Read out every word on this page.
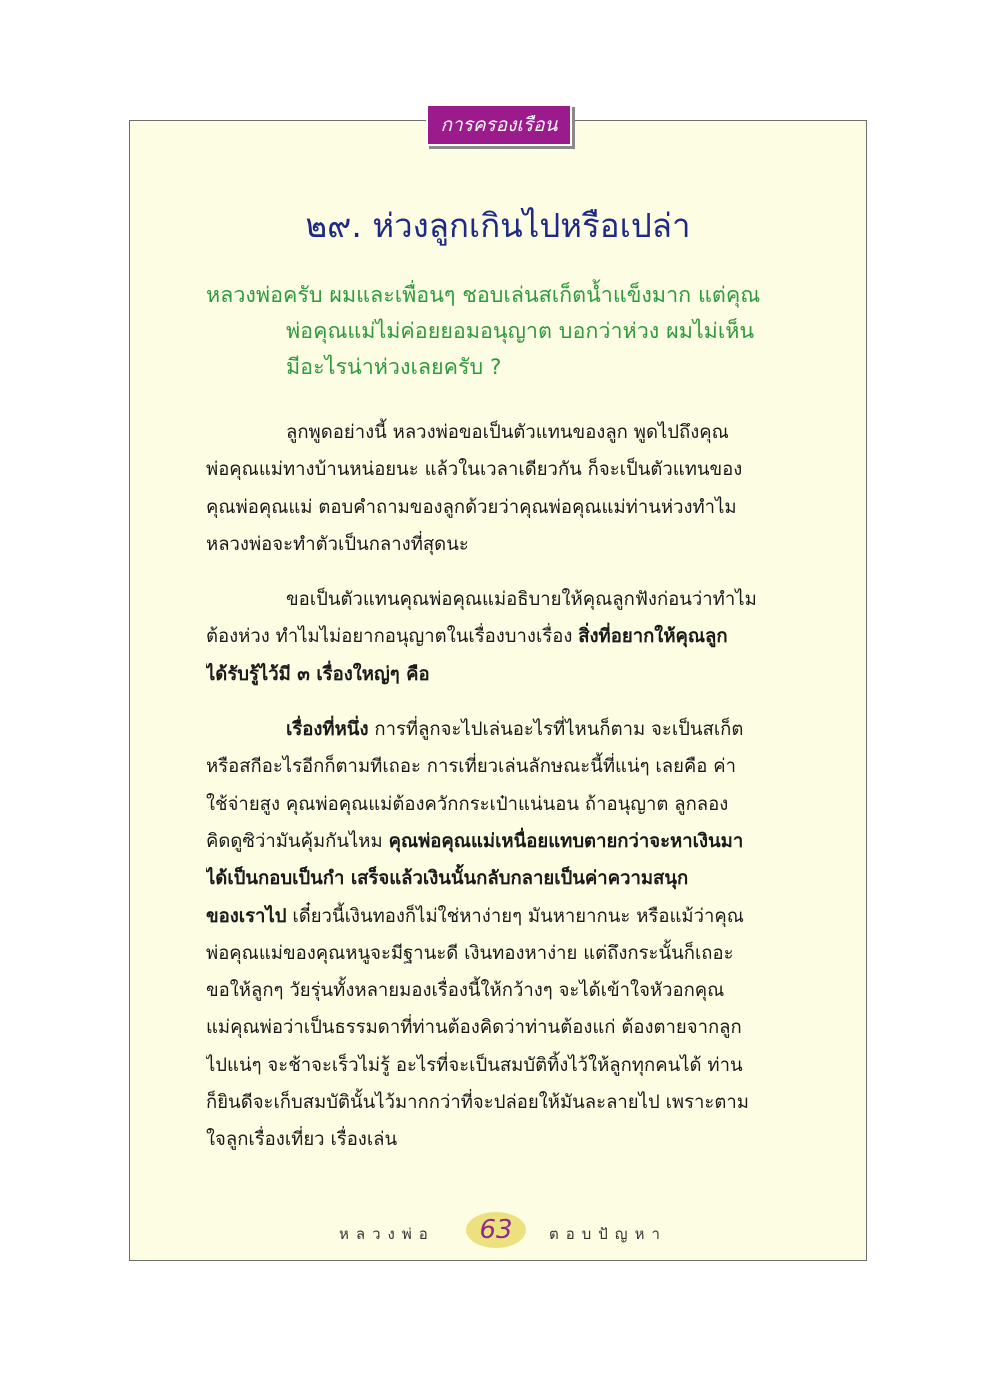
การครองเรือน
๒๙. ห่วงลูกเกินไปหรือเปล่า
หลวงพ่อครับ ผมและเพื่อนๆ ชอบเล่นสเก็ตน้ำแข็งมาก แต่คุณ
พ่อคุณแม่ไม่ค่อยยอมอนุญาต บอกว่าห่วง ผมไม่เห็น
มีอะไรน่าห่วงเลยครับ ?
ลูกพูดอย่างนี้ หลวงพ่อขอเป็นตัวแทนของลูก พูดไปถึงคุณ
พ่อคุณแม่ทางบ้านหน่อยนะ แล้วในเวลาเดียวกัน ก็จะเป็นตัวแทนของ
คุณพ่อคุณแม่ ตอบคำถามของลูกด้วยว่าคุณพ่อคุณแม่ท่านห่วงทำไม
หลวงพ่อจะทำตัวเป็นกลางที่สุดนะ
ขอเป็นตัวแทนคุณพ่อคุณแม่อธิบายให้คุณลูกฟังก่อนว่าทำไม
ต้องห่วง ทำไมไม่อยากอนุญาตในเรื่องบางเรื่อง สิ่งที่อยากให้คุณลูก
ได้รับรู้ไว้มี ๓ เรื่องใหญ่ๆ คือ
เรื่องที่หนึ่ง การที่ลูกจะไปเล่นอะไรที่ไหนก็ตาม จะเป็นสเก็ต
หรือสกีอะไรอีกก็ตามทีเถอะ การเที่ยวเล่นลักษณะนี้ที่แน่ๆ เลยคือ ค่า
ใช้จ่ายสูง คุณพ่อคุณแม่ต้องควักกระเป๋าแน่นอน ถ้าอนุญาต ลูกลอง
คิดดูซิว่ามันคุ้มกันไหม คุณพ่อคุณแม่เหนื่อยแทบตายกว่าจะหาเงินมา
ได้เป็นกอบเป็นกำ เสร็จแล้วเงินนั้นกลับกลายเป็นค่าความสนุก
ของเราไป เดี๋ยวนี้เงินทองก็ไม่ใช่หาง่ายๆ มันหายากนะ หรือแม้ว่าคุณ
พ่อคุณแม่ของคุณหนูจะมีฐานะดี เงินทองหาง่าย แต่ถึงกระนั้นก็เถอะ
ขอให้ลูกๆ วัยรุ่นทั้งหลายมองเรื่องนี้ให้กว้างๆ จะได้เข้าใจหัวอกคุณ
แม่คุณพ่อว่าเป็นธรรมดาที่ท่านต้องคิดว่าท่านต้องแก่ ต้องตายจากลูก
ไปแน่ๆ จะช้าจะเร็วไม่รู้ อะไรที่จะเป็นสมบัติทิ้งไว้ให้ลูกทุกคนได้ ท่าน
ก็ยินดีจะเก็บสมบัตินั้นไว้มากกว่าที่จะปล่อยให้มันละลายไป เพราะตาม
ใจลูกเรื่องเที่ยว เรื่องเล่น
หลวงพ่อ	63	ตอบปัญหา
